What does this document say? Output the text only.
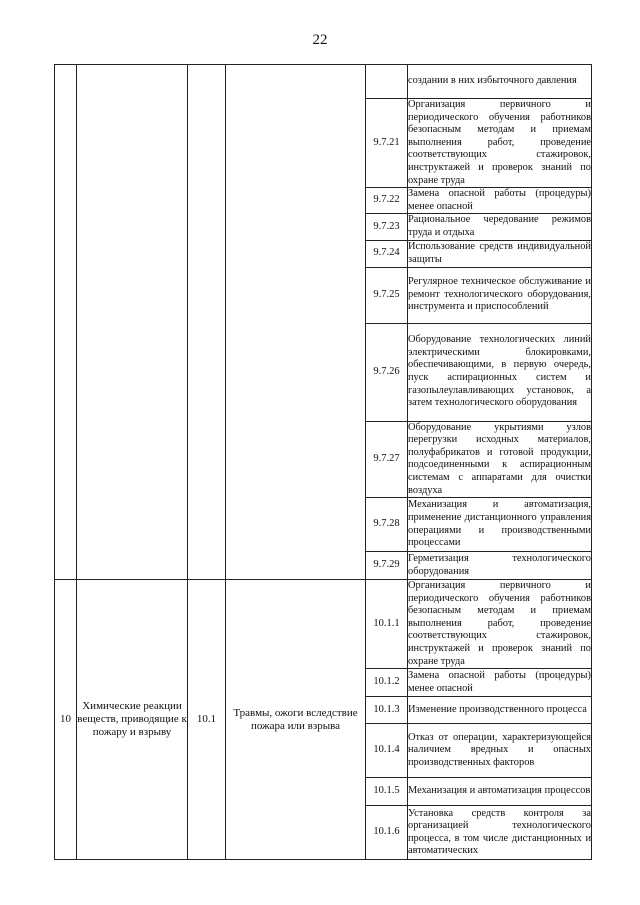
22
					создании в них избыточного давления
				9.7.21	Организация первичного и периодического обучения работников безопасным методам и приемам выполнения работ, проведение соответствующих стажировок, инструктажей и проверок знаний по охране труда
				9.7.22	Замена опасной работы (процедуры) менее опасной
				9.7.23	Рациональное чередование режимов труда и отдыха
				9.7.24	Использование средств индивидуальной защиты
				9.7.25	Регулярное техническое обслуживание и ремонт технологического оборудования, инструмента и приспособлений
				9.7.26	Оборудование технологических линий электрическими блокировками, обеспечивающими, в первую очередь, пуск аспирационных систем и газопылеулавливающих установок, а затем технологического оборудования
				9.7.27	Оборудование укрытиями узлов перегрузки исходных материалов, полуфабрикатов и готовой продукции, подсоединенными к аспирационным системам с аппаратами для очистки воздуха
				9.7.28	Механизация и автоматизация, применение дистанционного управления операциями и производственными процессами
				9.7.29	Герметизация технологического оборудования
10	Химические реакции веществ, приводящие к пожару и взрыву	10.1	Травмы, ожоги вследствие пожара или взрыва	10.1.1	Организация первичного и периодического обучения работников безопасным методам и приемам выполнения работ, проведение соответствующих стажировок, инструктажей и проверок знаний по охране труда
				10.1.2	Замена опасной работы (процедуры) менее опасной
				10.1.3	Изменение производственного процесса
				10.1.4	Отказ от операции, характеризующейся наличием вредных и опасных производственных факторов
				10.1.5	Механизация и автоматизация процессов
				10.1.6	Установка средств контроля за организацией технологического процесса, в том числе дистанционных и автоматических
